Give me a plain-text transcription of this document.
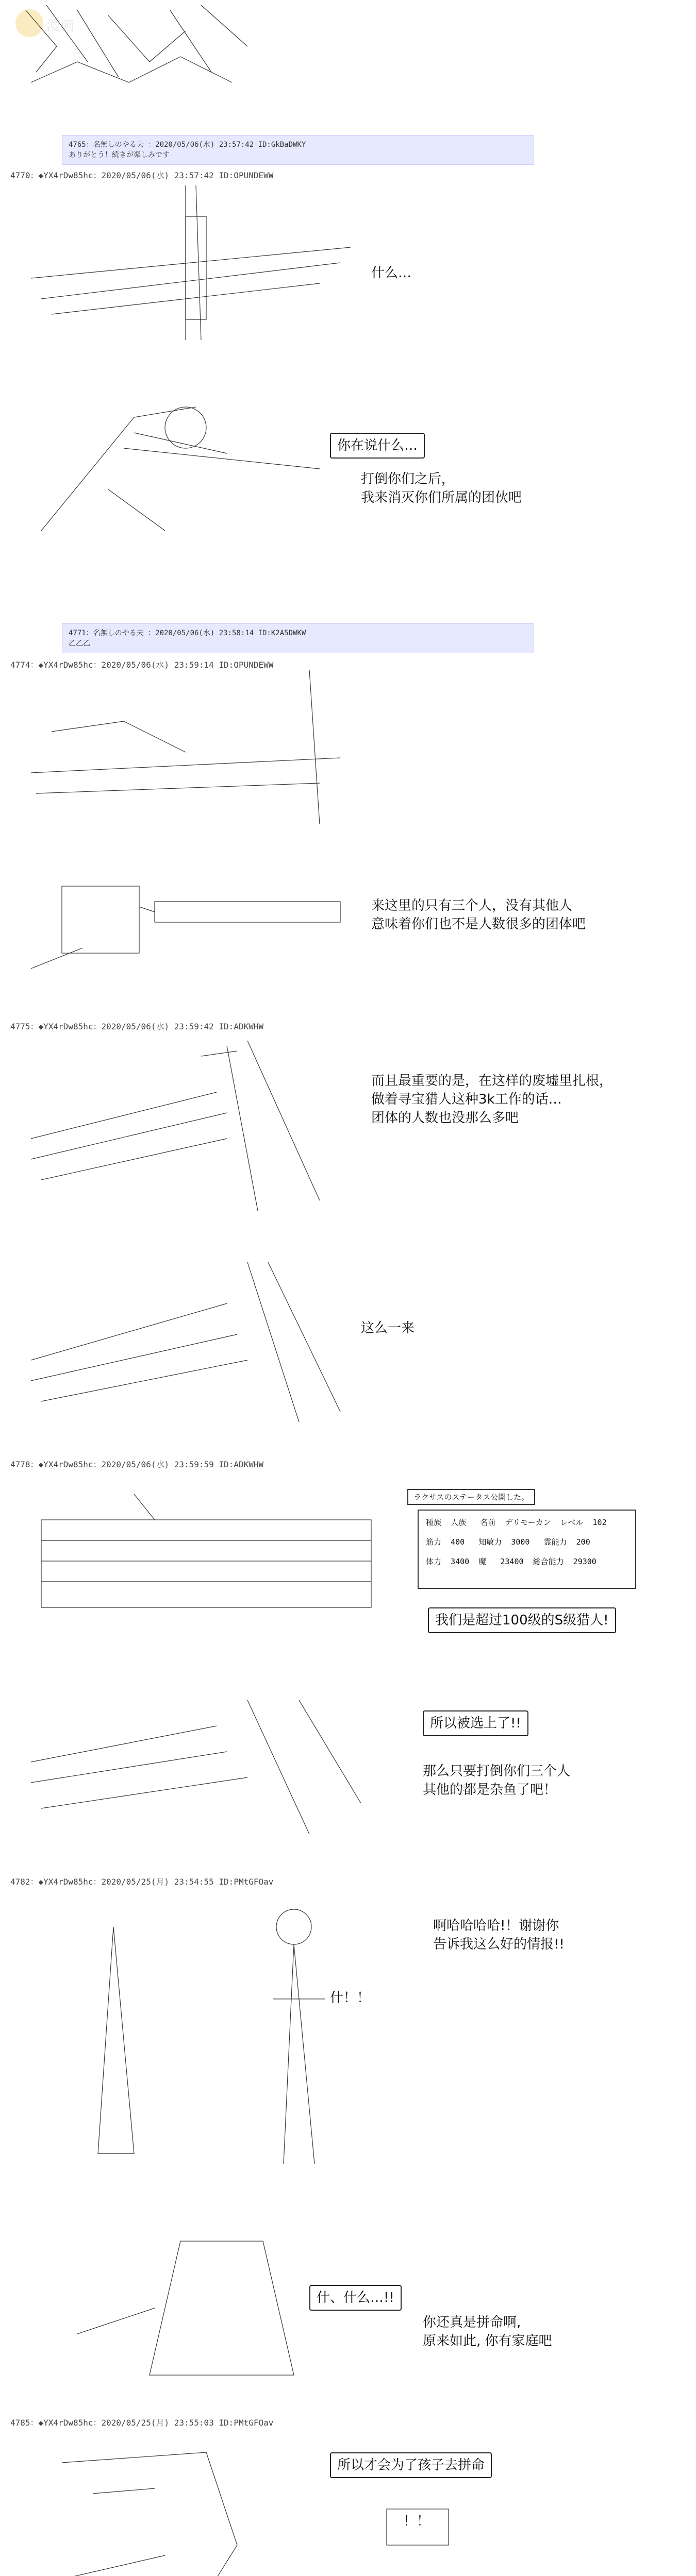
漫画
4765：名無しのやる夫 ：2020/05/06(水) 23:57:42 ID:GkBaDWKY
ありがとう！続きが楽しみです
4770：◆YX4rDw85hc：2020/05/06(水) 23:57:42 ID:OPUNDEWW
什么…
你在说什么…
打倒你们之后，
我来消灭你们所属的团伙吧
4771：名無しのやる夫 ：2020/05/06(水) 23:58:14 ID:K2A5DWKW
乙乙乙
4774：◆YX4rDw85hc：2020/05/06(水) 23:59:14 ID:OPUNDEWW
来这里的只有三个人，没有其他人
意味着你们也不是人数很多的团体吧
4775：◆YX4rDw85hc：2020/05/06(水) 23:59:42 ID:ADKWHW
而且最重要的是，在这样的废墟里扎根，
做着寻宝猎人这种3k工作的话…
团体的人数也没那么多吧
这么一来
4778：◆YX4rDw85hc：2020/05/06(水) 23:59:59 ID:ADKWHW
ラクサスのステータス公開した。
種族 人族 名前 デリモーカン レベル 102
筋力 400 知敏力 3000 霊能力 200
体力 3400 魔 23400 総合能力 29300
我们是超过100级的S级猎人!
所以被选上了!!
那么只要打倒你们三个人
其他的都是杂鱼了吧！
4782：◆YX4rDw85hc：2020/05/25(月) 23:54:55 ID:PMtGFOav
啊哈哈哈哈!！谢谢你
告诉我这么好的情报!!
什！！
什、什么…!!
你还真是拼命啊,
原来如此, 你有家庭吧
4785：◆YX4rDw85hc：2020/05/25(月) 23:55:03 ID:PMtGFOav
所以才会为了孩子去拼命
！！
